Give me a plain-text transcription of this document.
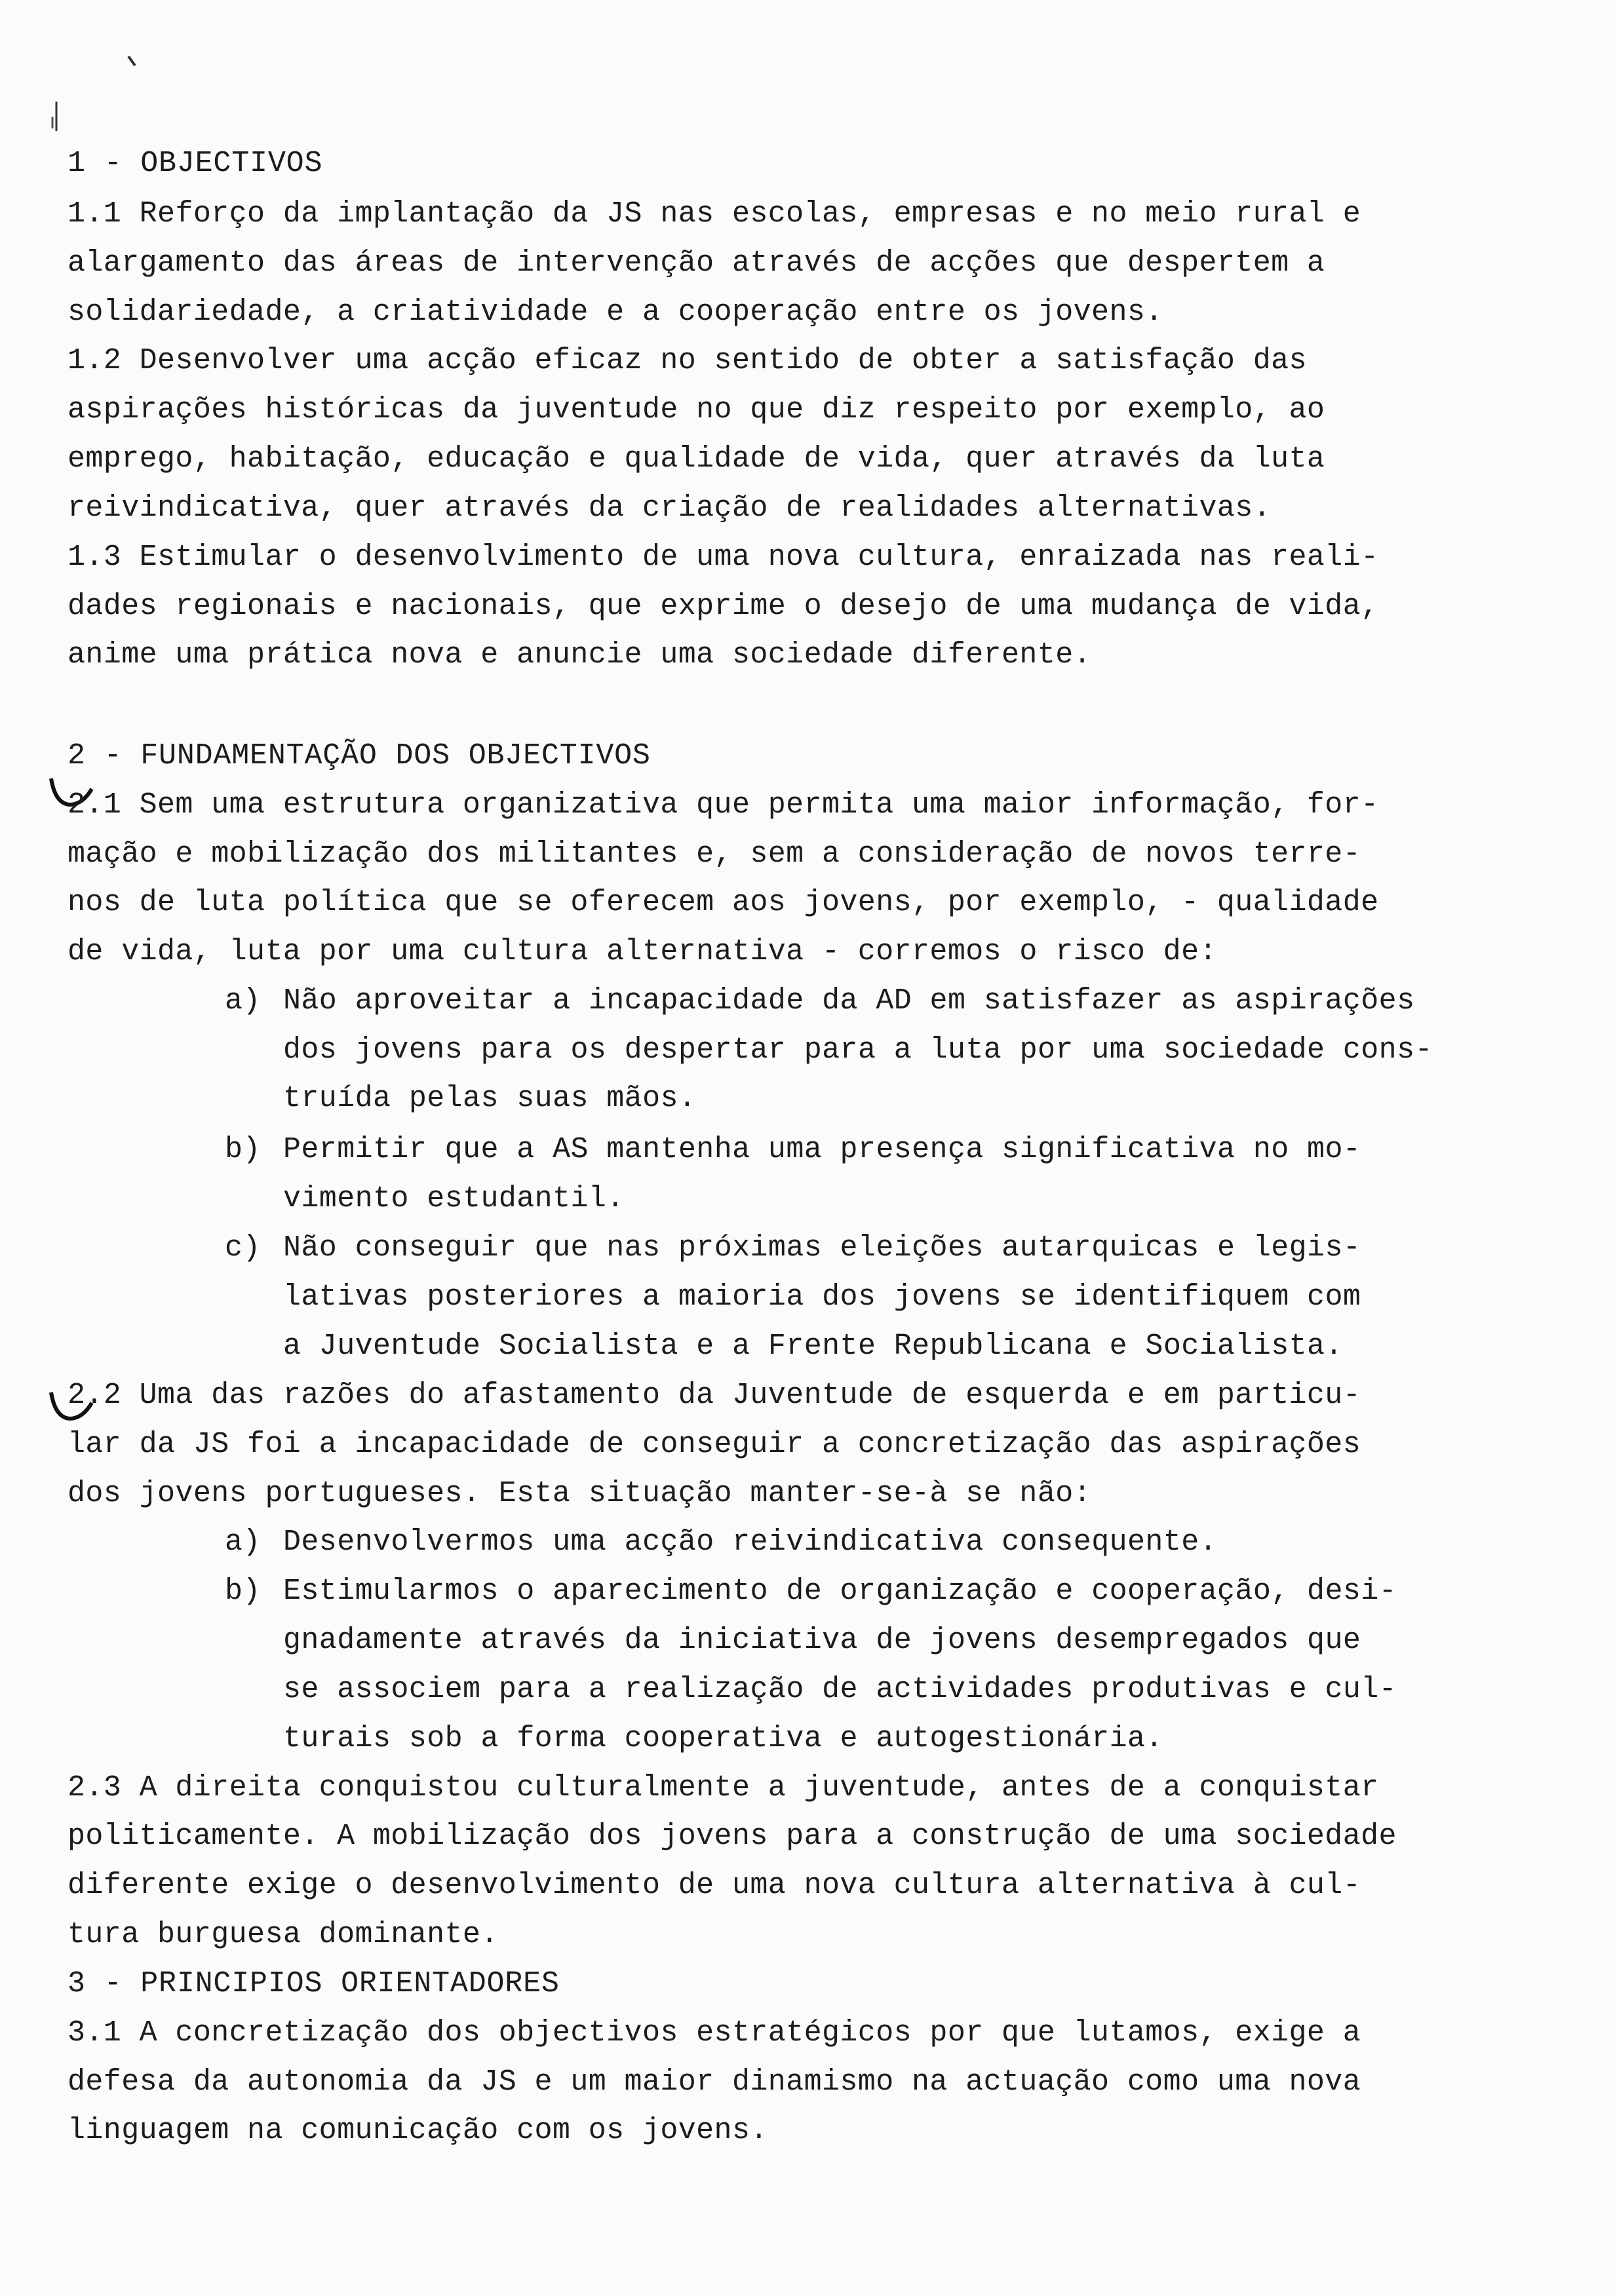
1 - OBJECTIVOS
1.1 Reforço da implantação da JS nas escolas, empresas e no meio rural e
alargamento das áreas de intervenção através de acções que despertem a
solidariedade, a criatividade e a cooperação entre os jovens.
1.2 Desenvolver uma acção eficaz no sentido de obter a satisfação das
aspirações históricas da juventude no que diz respeito por exemplo, ao
emprego, habitação, educação e qualidade de vida, quer através da luta
reivindicativa, quer através da criação de realidades alternativas.
1.3 Estimular o desenvolvimento de uma nova cultura, enraizada nas reali-
dades regionais e nacionais, que exprime o desejo de uma mudança de vida,
anime uma prática nova e anuncie uma sociedade diferente.
2 - FUNDAMENTAÇÃO DOS OBJECTIVOS
2.1 Sem uma estrutura organizativa que permita uma maior informação, for-
mação e mobilização dos militantes e, sem a consideração de novos terre-
nos de luta política que se oferecem aos jovens, por exemplo, - qualidade
de vida, luta por uma cultura alternativa - corremos o risco de:
a) Não aproveitar a incapacidade da AD em satisfazer as aspirações
dos jovens para os despertar para a luta por uma sociedade cons-
truída pelas suas mãos.
b) Permitir que a AS mantenha uma presença significativa no mo-
vimento estudantil.
c) Não conseguir que nas próximas eleições autarquicas e legis-
lativas posteriores a maioria dos jovens se identifiquem com
a Juventude Socialista e a Frente Republicana e Socialista.
2.2 Uma das razões do afastamento da Juventude de esquerda e em particu-
lar da JS foi a incapacidade de conseguir a concretização das aspirações
dos jovens portugueses. Esta situação manter-se-à se não:
a) Desenvolvermos uma acção reivindicativa consequente.
b) Estimularmos o aparecimento de organização e cooperação, desi-
gnadamente através da iniciativa de jovens desempregados que
se associem para a realização de actividades produtivas e cul-
turais sob a forma cooperativa e autogestionária.
2.3 A direita conquistou culturalmente a juventude, antes de a conquistar
politicamente. A mobilização dos jovens para a construção de uma sociedade
diferente exige o desenvolvimento de uma nova cultura alternativa à cul-
tura burguesa dominante.
3 - PRINCIPIOS ORIENTADORES
3.1 A concretização dos objectivos estratégicos por que lutamos, exige a
defesa da autonomia da JS e um maior dinamismo na actuação como uma nova
linguagem na comunicação com os jovens.
